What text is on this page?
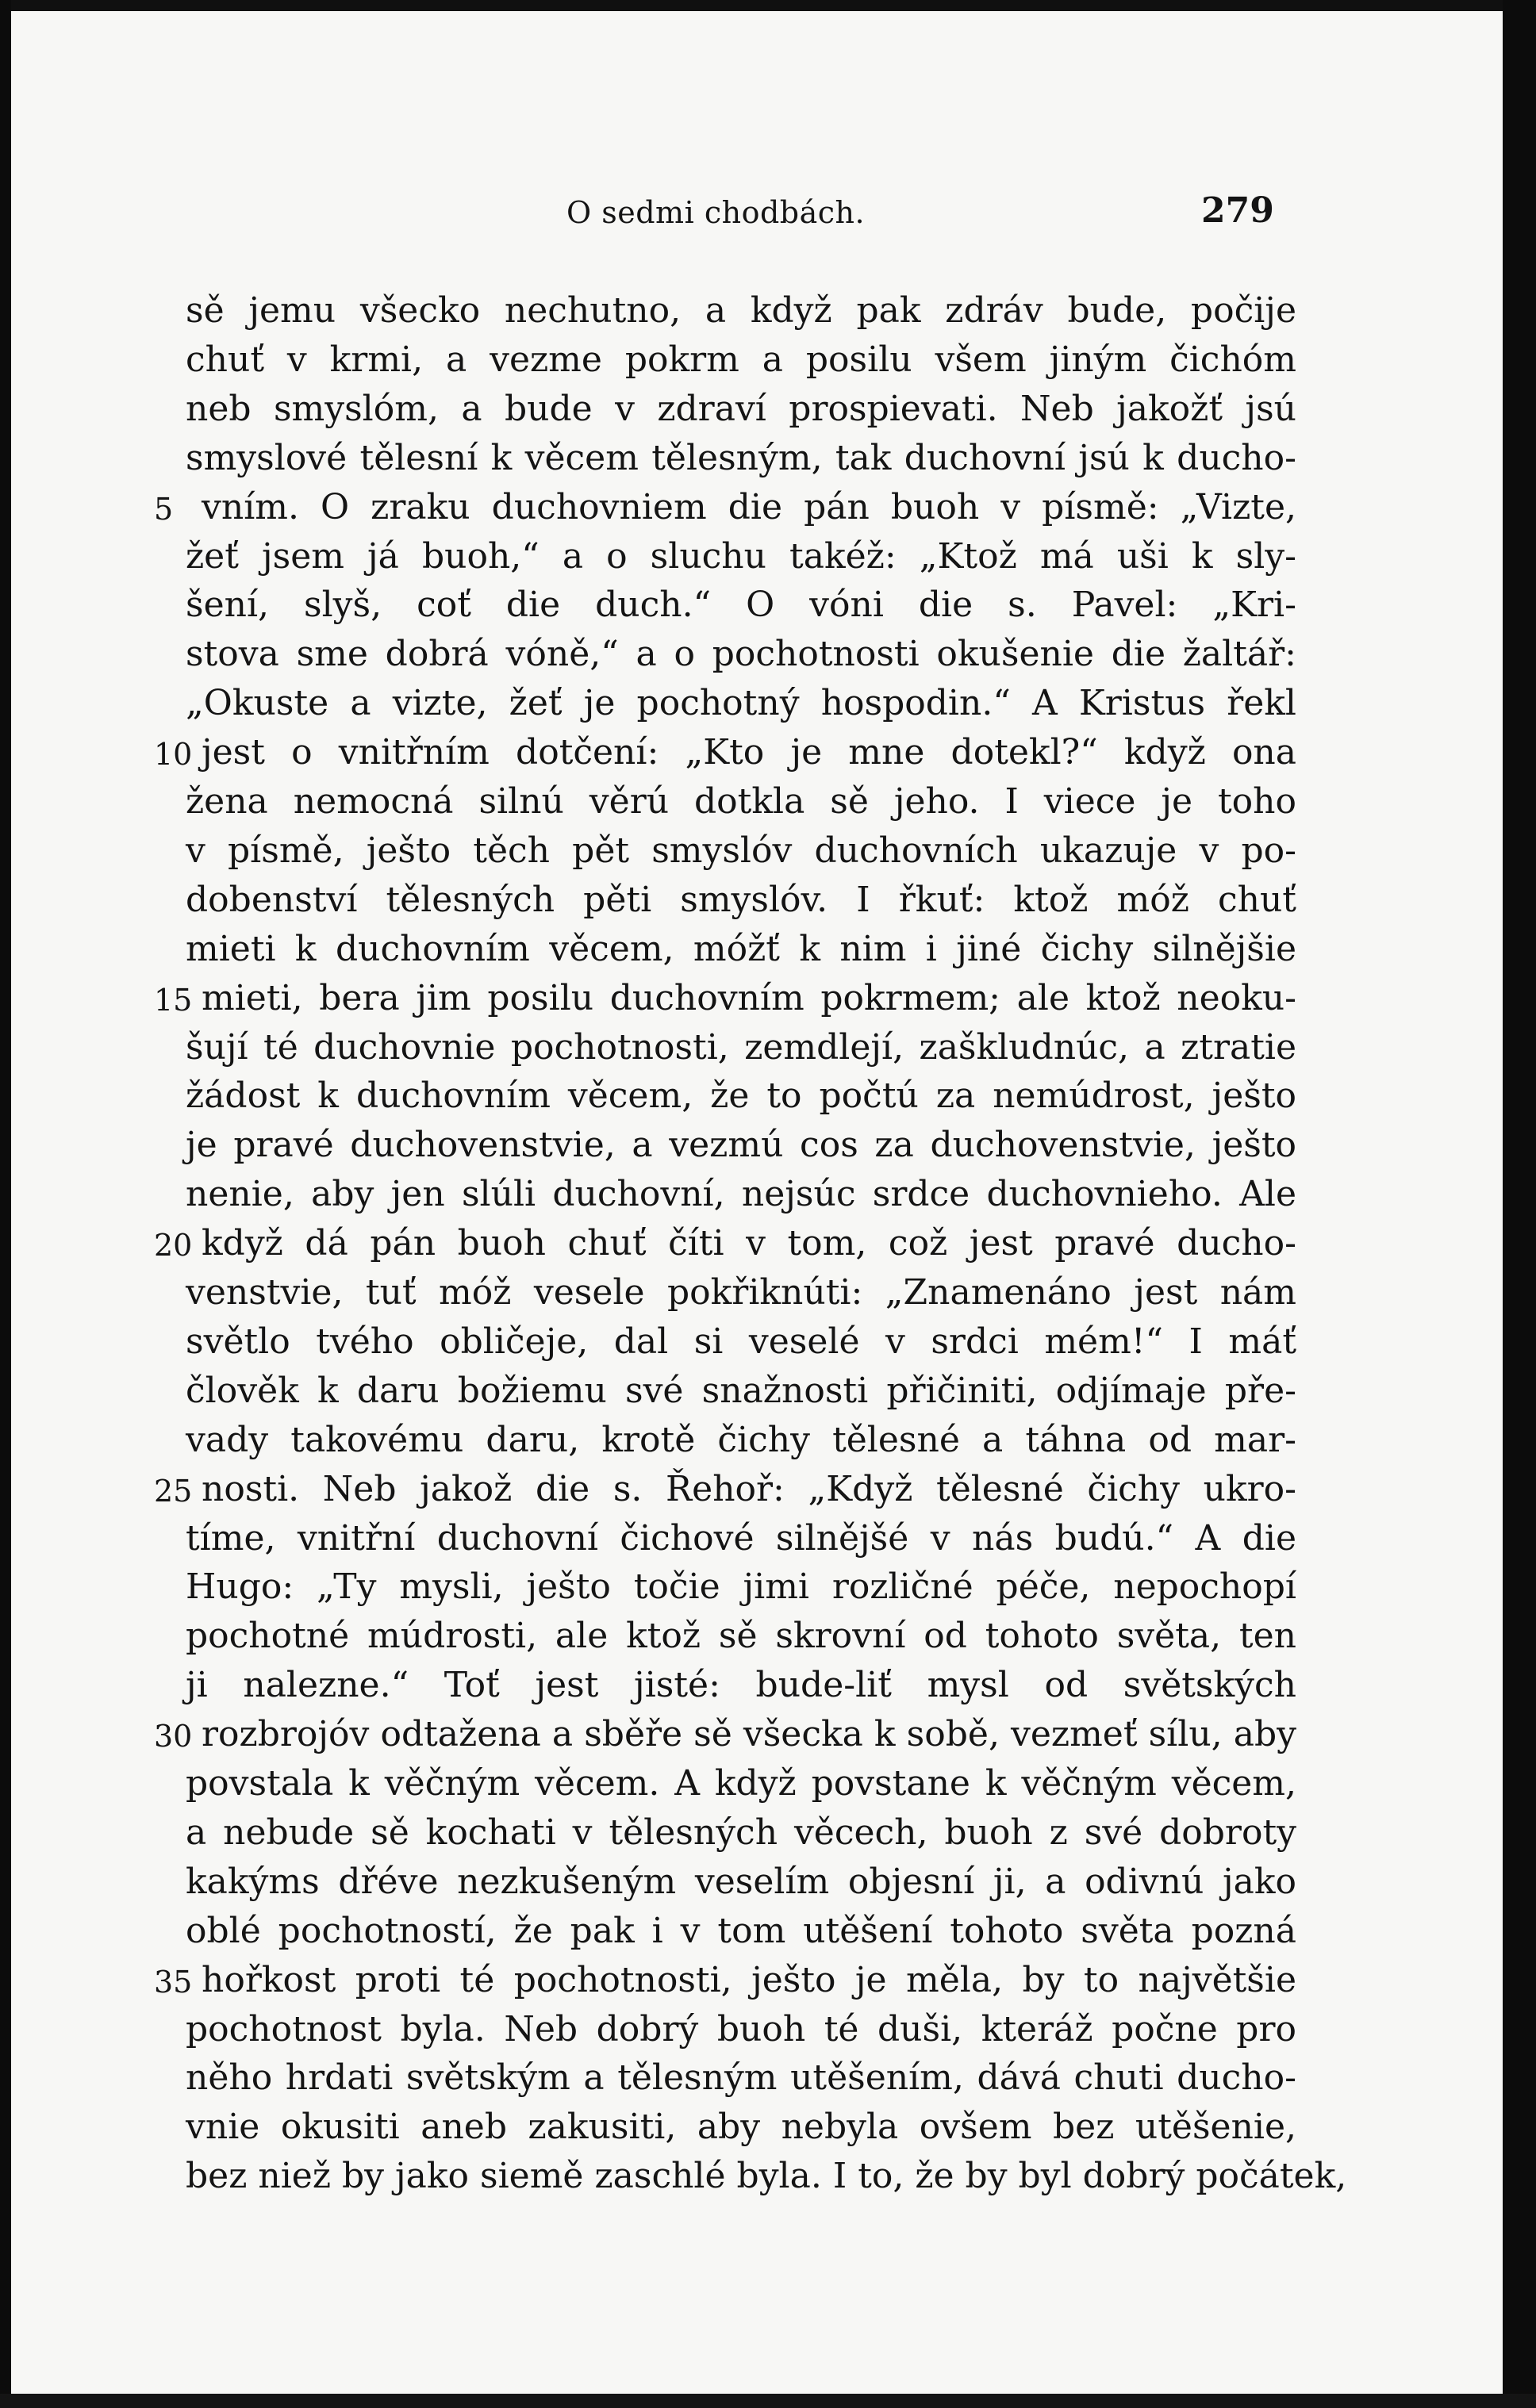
O sedmi chodbách.	279
sě jemu všecko nechutno, a když pak zdráv bude, počije
chuť v krmi, a vezme pokrm a posilu všem jiným čichóm
neb smyslóm, a bude v zdraví prospievati. Neb jakožť jsú
smyslové tělesní k věcem tělesným, tak duchovní jsú k ducho-
vním. O zraku duchovniem die pán buoh v písmě: „Vizte,
5
žeť jsem já buoh,“ a o sluchu takéž: „Ktož má uši k sly-
šení, slyš, coť die duch.“ O vóni die s. Pavel: „Kri-
stova sme dobrá vóně,“ a o pochotnosti okušenie die žaltář:
„Okuste a vizte, žeť je pochotný hospodin.“ A Kristus řekl
jest o vnitřním dotčení: „Kto je mne dotekl?“ když ona
10
žena nemocná silnú věrú dotkla sě jeho. I viece je toho
v písmě, ješto těch pět smyslóv duchovních ukazuje v po-
dobenství tělesných pěti smyslóv. I řkuť: ktož móž chuť
mieti k duchovním věcem, móžť k nim i jiné čichy silnějšie
mieti, bera jim posilu duchovním pokrmem; ale ktož neoku-
15
šují té duchovnie pochotnosti, zemdlejí, zaškludnúc, a ztratie
žádost k duchovním věcem, že to počtú za nemúdrost, ješto
je pravé duchovenstvie, a vezmú cos za duchovenstvie, ješto
nenie, aby jen slúli duchovní, nejsúc srdce duchovnieho. Ale
když dá pán buoh chuť číti v tom, což jest pravé ducho-
20
venstvie, tuť móž vesele pokřiknúti: „Znamenáno jest nám
světlo tvého obličeje, dal si veselé v srdci mém!“ I máť
člověk k daru božiemu své snažnosti přičiniti, odjímaje pře-
vady takovému daru, krotě čichy tělesné a táhna od mar-
nosti. Neb jakož die s. Řehoř: „Když tělesné čichy ukro-
25
tíme, vnitřní duchovní čichové silnějšé v nás budú.“ A die
Hugo: „Ty mysli, ješto točie jimi rozličné péče, nepochopí
pochotné múdrosti, ale ktož sě skrovní od tohoto světa, ten
ji nalezne.“ Toť jest jisté: bude-liť mysl od světských
rozbrojóv odtažena a sběře sě všecka k sobě, vezmeť sílu, aby
30
povstala k věčným věcem. A když povstane k věčným věcem,
a nebude sě kochati v tělesných věcech, buoh z své dobroty
kakýms dřéve nezkušeným veselím objesní ji, a odivnú jako
oblé pochotností, že pak i v tom utěšení tohoto světa pozná
hořkost proti té pochotnosti, ješto je měla, by to najvětšie
35
pochotnost byla. Neb dobrý buoh té duši, kteráž počne pro
něho hrdati světským a tělesným utěšením, dává chuti ducho-
vnie okusiti aneb zakusiti, aby nebyla ovšem bez utěšenie,
bez niež by jako siemě zaschlé byla. I to, že by byl dobrý počátek,
